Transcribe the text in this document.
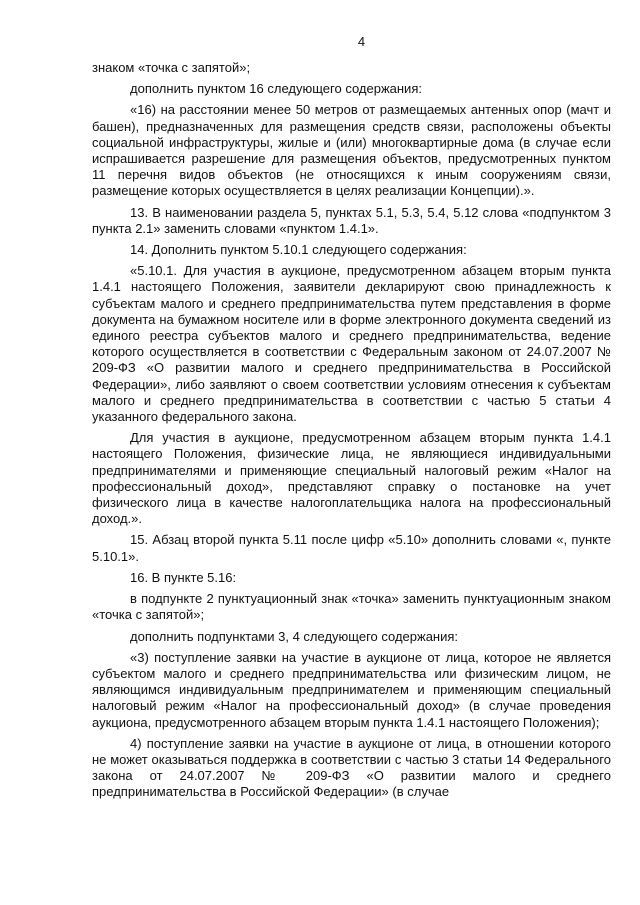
4

знаком «точка с запятой»;

дополнить пунктом 16 следующего содержания:

«16) на расстоянии менее 50 метров от размещаемых антенных опор (мачт и башен), предназначенных для размещения средств связи, расположены объекты социальной инфраструктуры, жилые и (или) многоквартирные дома (в случае если испрашивается разрешение для размещения объектов, предусмотренных пунктом 11 перечня видов объектов (не относящихся к иным сооружениям связи, размещение которых осуществляется в целях реализации Концепции).».

13. В наименовании раздела 5, пунктах 5.1, 5.3, 5.4, 5.12 слова «подпунктом 3 пункта 2.1» заменить словами «пунктом 1.4.1».

14. Дополнить пунктом 5.10.1 следующего содержания:

«5.10.1. Для участия в аукционе, предусмотренном абзацем вторым пункта 1.4.1 настоящего Положения, заявители декларируют свою принадлежность к субъектам малого и среднего предпринимательства путем представления в форме документа на бумажном носителе или в форме электронного документа сведений из единого реестра субъектов малого и среднего предпринимательства, ведение которого осуществляется в соответствии с Федеральным законом от 24.07.2007 № 209-ФЗ «О развитии малого и среднего предпринимательства в Российской Федерации», либо заявляют о своем соответствии условиям отнесения к субъектам малого и среднего предпринимательства в соответствии с частью 5 статьи 4 указанного федерального закона.

Для участия в аукционе, предусмотренном абзацем вторым пункта 1.4.1 настоящего Положения, физические лица, не являющиеся индивидуальными предпринимателями и применяющие специальный налоговый режим «Налог на профессиональный доход», представляют справку о постановке на учет физического лица в качестве налогоплательщика налога на профессиональный доход.».

15. Абзац второй пункта 5.11 после цифр «5.10» дополнить словами «, пункте 5.10.1».

16. В пункте 5.16:

в подпункте 2 пунктуационный знак «точка» заменить пунктуационным знаком «точка с запятой»;

дополнить подпунктами 3, 4 следующего содержания:

«3) поступление заявки на участие в аукционе от лица, которое не является субъектом малого и среднего предпринимательства или физическим лицом, не являющимся индивидуальным предпринимателем и применяющим специальный налоговый режим «Налог на профессиональный доход» (в случае проведения аукциона, предусмотренного абзацем вторым пункта 1.4.1 настоящего Положения);

4) поступление заявки на участие в аукционе от лица, в отношении которого не может оказываться поддержка в соответствии с частью 3 статьи 14 Федерального закона от 24.07.2007 № 209-ФЗ «О развитии малого и среднего предпринимательства в Российской Федерации» (в случае
